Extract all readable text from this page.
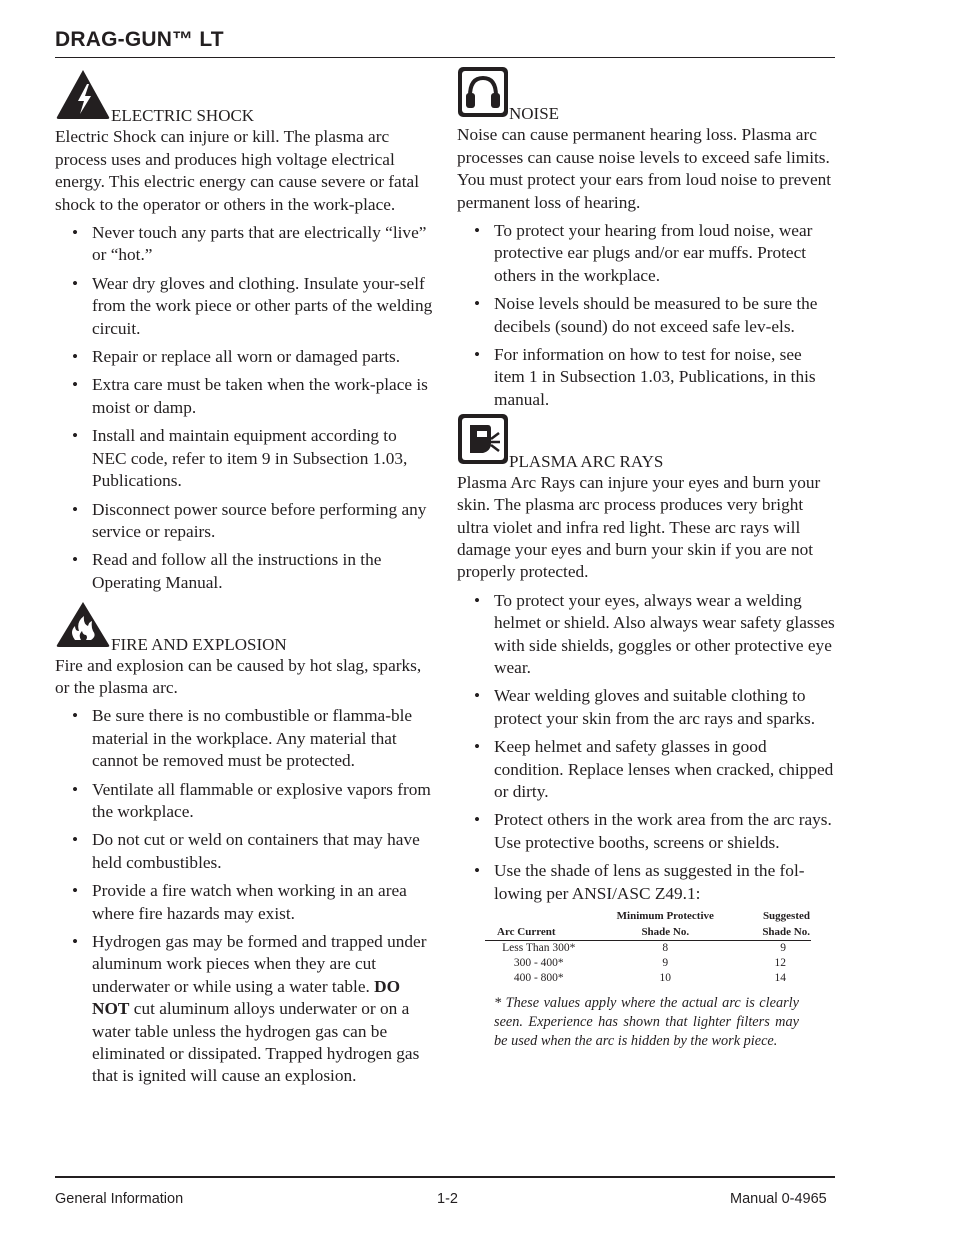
DRAG-GUN™ LT
ELECTRIC SHOCK

Electric Shock can injure or kill. The plasma arc process uses and produces high voltage electrical energy. This electric energy can cause severe or fatal shock to the operator or others in the work-place.

• Never touch any parts that are electrically “live” or “hot.”
• Wear dry gloves and clothing. Insulate your-self from the work piece or other parts of the welding circuit.
• Repair or replace all worn or damaged parts.
• Extra care must be taken when the work-place is moist or damp.
• Install and maintain equipment according to NEC code, refer to item 9 in Subsection 1.03, Publications.
• Disconnect power source before performing any service or repairs.
• Read and follow all the instructions in the Operating Manual.
FIRE AND EXPLOSION

Fire and explosion can be caused by hot slag, sparks, or the plasma arc.

• Be sure there is no combustible or flamma-ble material in the workplace. Any material that cannot be removed must be protected.
• Ventilate all flammable or explosive vapors from the workplace.
• Do not cut or weld on containers that may have held combustibles.
• Provide a fire watch when working in an area where fire hazards may exist.
• Hydrogen gas may be formed and trapped under aluminum work pieces when they are cut underwater or while using a water table. DO NOT cut aluminum alloys underwater or on a water table unless the hydrogen gas can be eliminated or dissipated. Trapped hydrogen gas that is ignited will cause an explosion.
NOISE

Noise can cause permanent hearing loss. Plasma arc processes can cause noise levels to exceed safe limits. You must protect your ears from loud noise to prevent permanent loss of hearing.

• To protect your hearing from loud noise, wear protective ear plugs and/or ear muffs. Protect others in the workplace.
• Noise levels should be measured to be sure the decibels (sound) do not exceed safe lev-els.
• For information on how to test for noise, see item 1 in Subsection 1.03, Publications, in this manual.
PLASMA ARC RAYS

Plasma Arc Rays can injure your eyes and burn your skin. The plasma arc process produces very bright ultra violet and infra red light. These arc rays will damage your eyes and burn your skin if you are not properly protected.

• To protect your eyes, always wear a welding helmet or shield. Also always wear safety glasses with side shields, goggles or other protective eye wear.
• Wear welding gloves and suitable clothing to protect your skin from the arc rays and sparks.
• Keep helmet and safety glasses in good condition. Replace lenses when cracked, chipped or dirty.
• Protect others in the work area from the arc rays. Use protective booths, screens or shields.
• Use the shade of lens as suggested in the fol-lowing per ANSI/ASC Z49.1:
	Minimum Protective	Suggested
Arc Current	Shade No.	Shade No.
Less Than 300*	8	9
300 - 400*	9	12
400 - 800*	10	14
* These values apply where the actual arc is clearly seen. Experience has shown that lighter filters may be used when the arc is hidden by the work piece.
General Information	1-2	Manual 0-4965
